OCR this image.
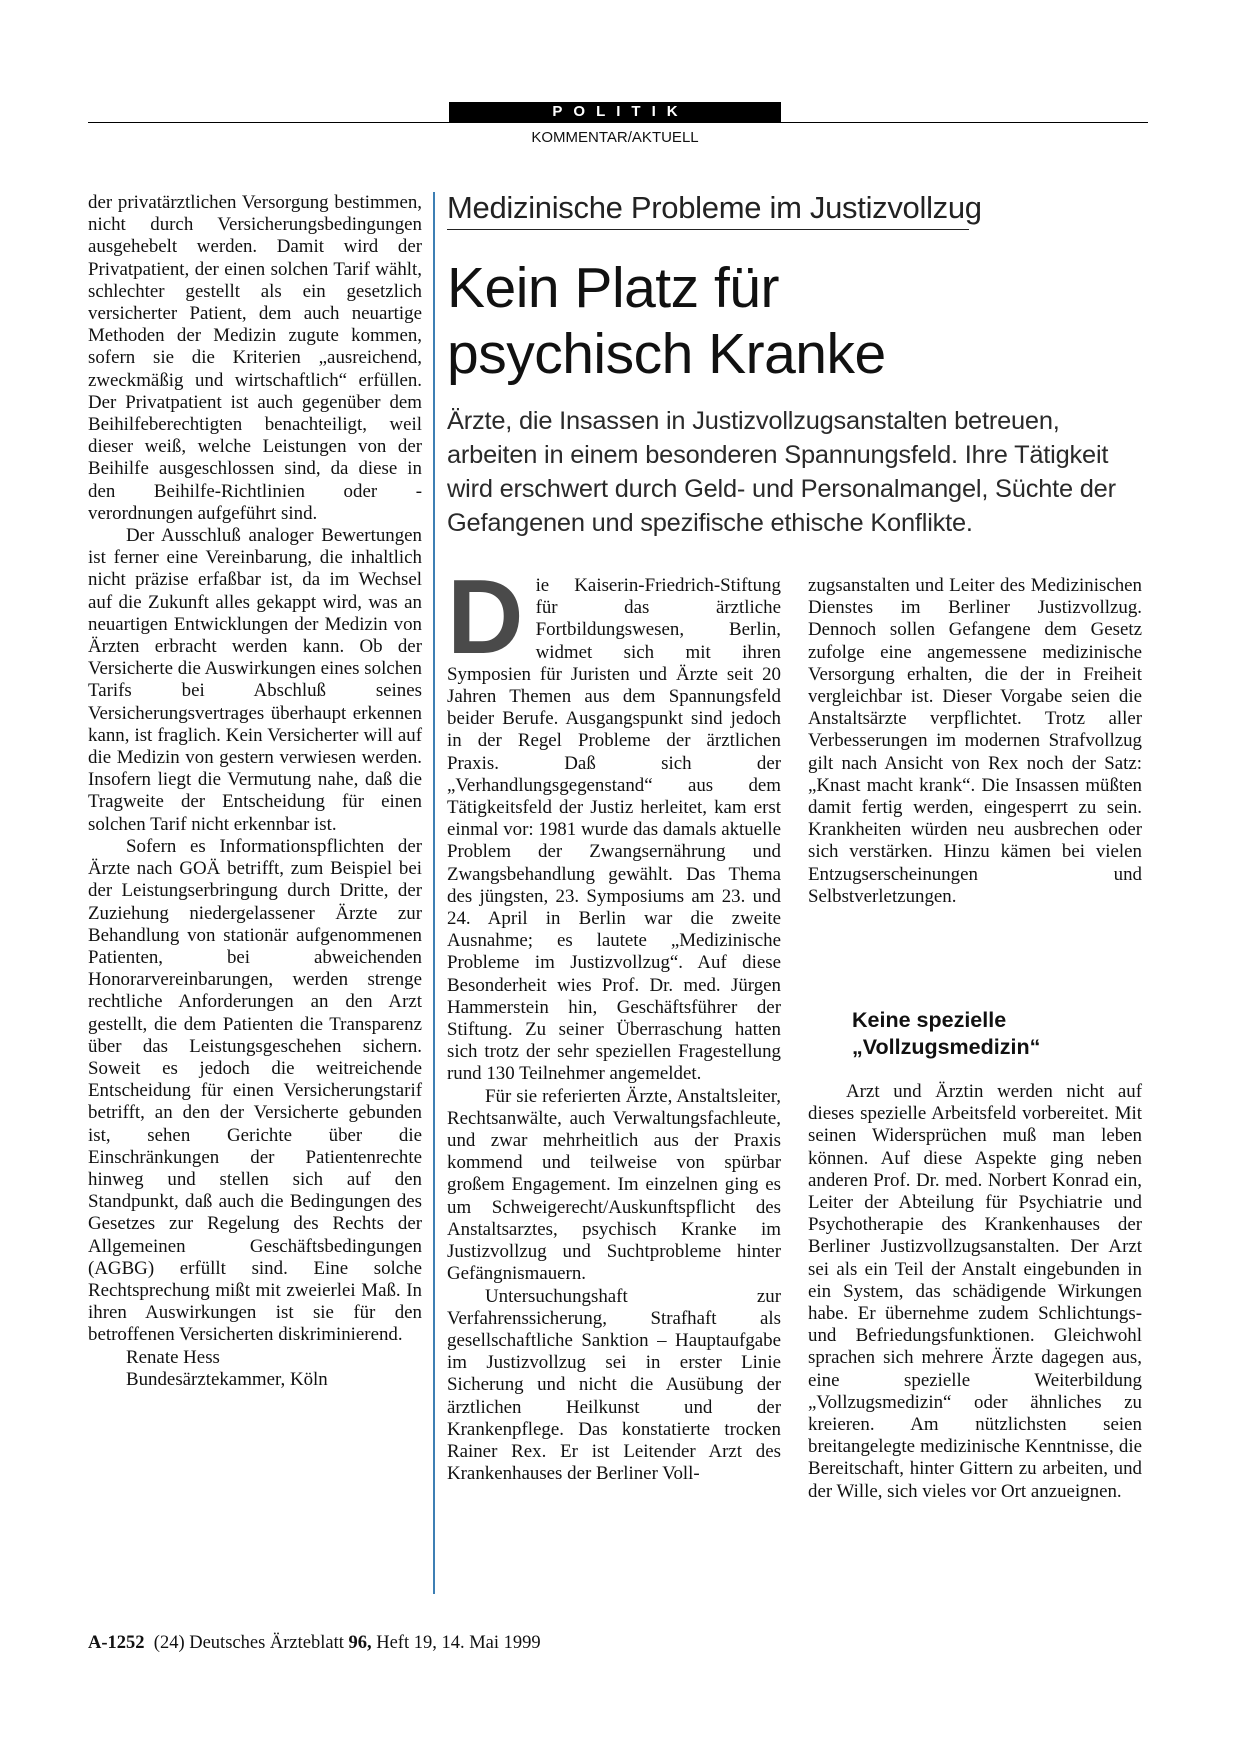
POLITIK
KOMMENTAR/AKTUELL

der privatärztlichen Versorgung bestimmen, nicht durch Versicherungsbedingungen ausgehebelt werden. Damit wird der Privatpatient, der einen solchen Tarif wählt, schlechter gestellt als ein gesetzlich versicherter Patient, dem auch neuartige Methoden der Medizin zugute kommen, sofern sie die Kriterien „ausreichend, zweckmäßig und wirtschaftlich“ erfüllen. Der Privatpatient ist auch gegenüber dem Beihilfeberechtigten benachteiligt, weil dieser weiß, welche Leistungen von der Beihilfe ausgeschlossen sind, da diese in den Beihilfe-Richtlinien oder -verordnungen aufgeführt sind.

Der Ausschluß analoger Bewertungen ist ferner eine Vereinbarung, die inhaltlich nicht präzise erfaßbar ist, da im Wechsel auf die Zukunft alles gekappt wird, was an neuartigen Entwicklungen der Medizin von Ärzten erbracht werden kann. Ob der Versicherte die Auswirkungen eines solchen Tarifs bei Abschluß seines Versicherungsvertrages überhaupt erkennen kann, ist fraglich. Kein Versicherter will auf die Medizin von gestern verwiesen werden. Insofern liegt die Vermutung nahe, daß die Tragweite der Entscheidung für einen solchen Tarif nicht erkennbar ist.

Sofern es Informationspflichten der Ärzte nach GOÄ betrifft, zum Beispiel bei der Leistungserbringung durch Dritte, der Zuziehung niedergelassener Ärzte zur Behandlung von stationär aufgenommenen Patienten, bei abweichenden Honorarvereinbarungen, werden strenge rechtliche Anforderungen an den Arzt gestellt, die dem Patienten die Transparenz über das Leistungsgeschehen sichern. Soweit es jedoch die weitreichende Entscheidung für einen Versicherungstarif betrifft, an den der Versicherte gebunden ist, sehen Gerichte über die Einschränkungen der Patientenrechte hinweg und stellen sich auf den Standpunkt, daß auch die Bedingungen des Gesetzes zur Regelung des Rechts der Allgemeinen Geschäftsbedingungen (AGBG) erfüllt sind. Eine solche Rechtsprechung mißt mit zweierlei Maß. In ihren Auswirkungen ist sie für den betroffenen Versicherten diskriminierend.

Renate Hess

Bundesärztekammer, Köln

Medizinische Probleme im Justizvollzug
Kein Platz für
psychisch Kranke
Ärzte, die Insassen in Justizvollzugsanstalten betreuen, arbeiten in einem besonderen Spannungsfeld. Ihre Tätigkeit wird erschwert durch Geld- und Personalmangel, Süchte der Gefangenen und spezifische ethische Konflikte.

Die Kaiserin-Friedrich-Stiftung für das ärztliche Fortbildungswesen, Berlin, widmet sich mit ihren Symposien für Juristen und Ärzte seit 20 Jahren Themen aus dem Spannungsfeld beider Berufe. Ausgangspunkt sind jedoch in der Regel Probleme der ärztlichen Praxis. Daß sich der „Verhandlungsgegenstand“ aus dem Tätigkeitsfeld der Justiz herleitet, kam erst einmal vor: 1981 wurde das damals aktuelle Problem der Zwangsernährung und Zwangsbehandlung gewählt. Das Thema des jüngsten, 23. Symposiums am 23. und 24. April in Berlin war die zweite Ausnahme; es lautete „Medizinische Probleme im Justizvollzug“. Auf diese Besonderheit wies Prof. Dr. med. Jürgen Hammerstein hin, Geschäftsführer der Stiftung. Zu seiner Überraschung hatten sich trotz der sehr speziellen Fragestellung rund 130 Teilnehmer angemeldet.

Für sie referierten Ärzte, Anstaltsleiter, Rechtsanwälte, auch Verwaltungsfachleute, und zwar mehrheitlich aus der Praxis kommend und teilweise von spürbar großem Engagement. Im einzelnen ging es um Schweigerecht/Auskunftspflicht des Anstaltsarztes, psychisch Kranke im Justizvollzug und Suchtprobleme hinter Gefängnismauern.

Untersuchungshaft zur Verfahrenssicherung, Strafhaft als gesellschaftliche Sanktion – Hauptaufgabe im Justizvollzug sei in erster Linie Sicherung und nicht die Ausübung der ärztlichen Heilkunst und der Krankenpflege. Das konstatierte trocken Rainer Rex. Er ist Leitender Arzt des Krankenhauses der Berliner Voll-

zugsanstalten und Leiter des Medizinischen Dienstes im Berliner Justizvollzug. Dennoch sollen Gefangene dem Gesetz zufolge eine angemessene medizinische Versorgung erhalten, die der in Freiheit vergleichbar ist. Dieser Vorgabe seien die Anstaltsärzte verpflichtet. Trotz aller Verbesserungen im modernen Strafvollzug gilt nach Ansicht von Rex noch der Satz: „Knast macht krank“. Die Insassen müßten damit fertig werden, eingesperrt zu sein. Krankheiten würden neu ausbrechen oder sich verstärken. Hinzu kämen bei vielen Entzugserscheinungen und Selbstverletzungen.

Keine spezielle
„Vollzugsmedizin“

Arzt und Ärztin werden nicht auf dieses spezielle Arbeitsfeld vorbereitet. Mit seinen Widersprüchen muß man leben können. Auf diese Aspekte ging neben anderen Prof. Dr. med. Norbert Konrad ein, Leiter der Abteilung für Psychiatrie und Psychotherapie des Krankenhauses der Berliner Justizvollzugsanstalten. Der Arzt sei als ein Teil der Anstalt eingebunden in ein System, das schädigende Wirkungen habe. Er übernehme zudem Schlichtungs- und Befriedungsfunktionen. Gleichwohl sprachen sich mehrere Ärzte dagegen aus, eine spezielle Weiterbildung „Vollzugsmedizin“ oder ähnliches zu kreieren. Am nützlichsten seien breitangelegte medizinische Kenntnisse, die Bereitschaft, hinter Gittern zu arbeiten, und der Wille, sich vieles vor Ort anzueignen.

A-1252 (24) Deutsches Ärzteblatt 96, Heft 19, 14. Mai 1999
